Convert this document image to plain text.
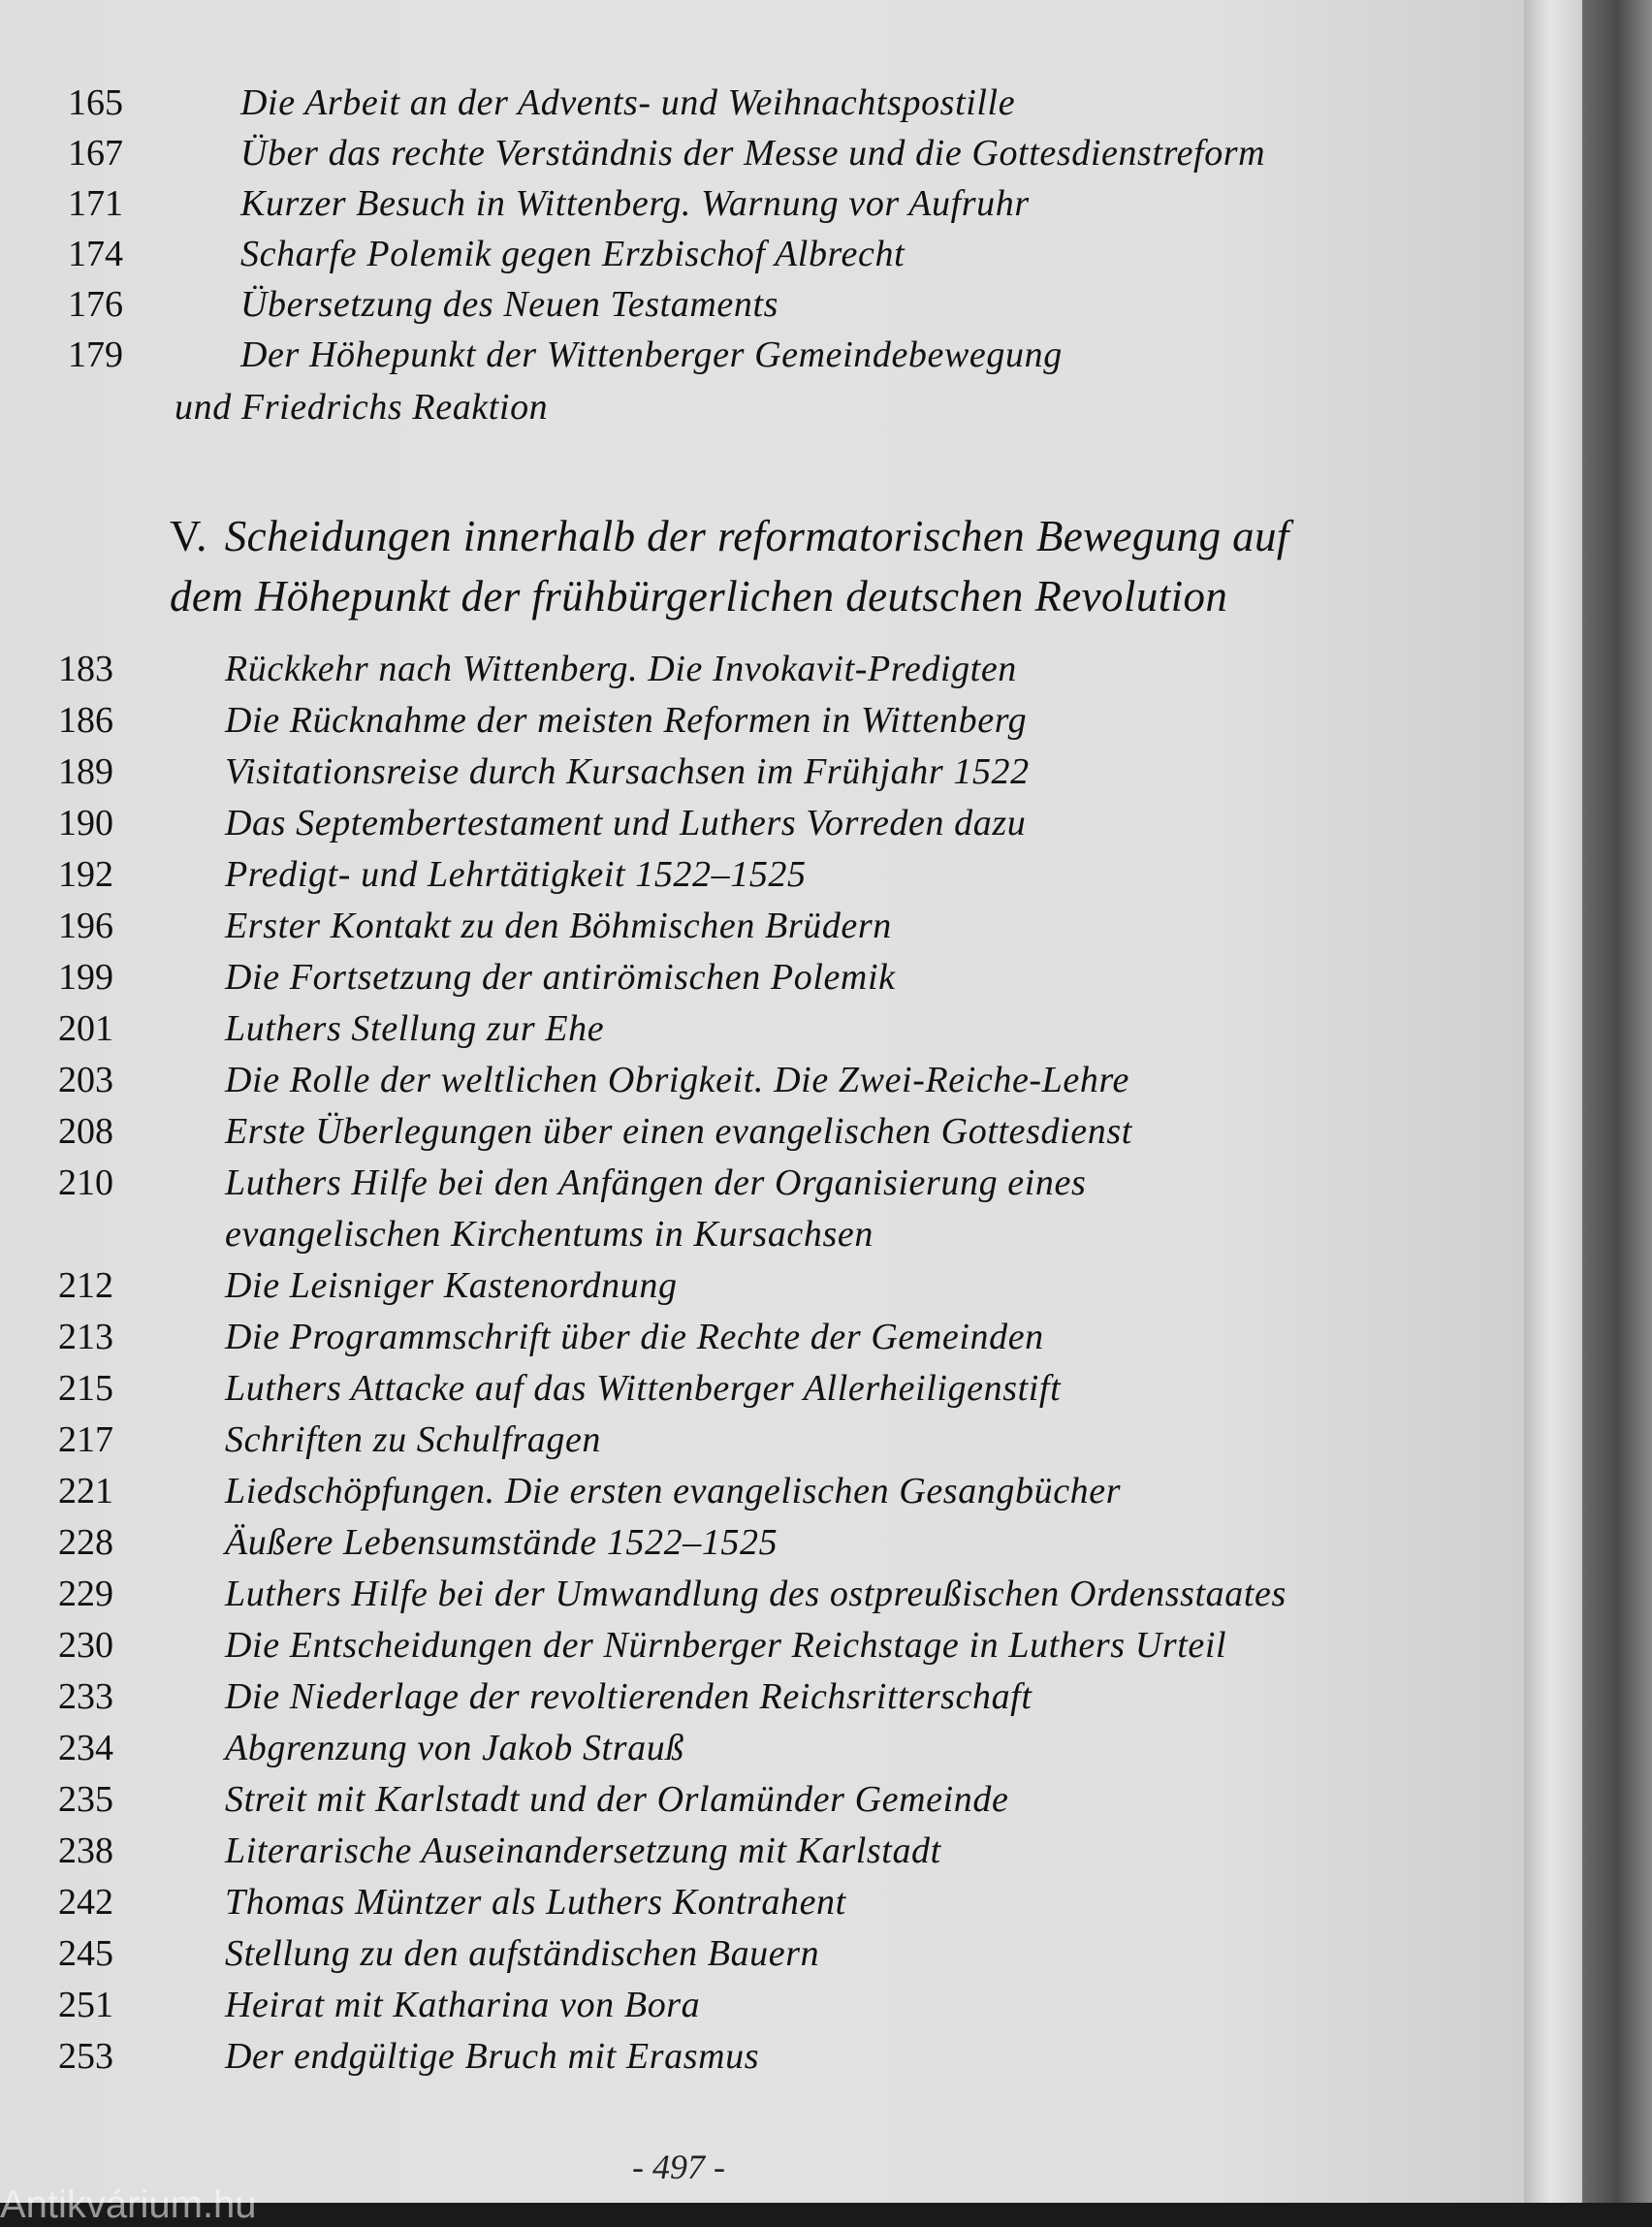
165	Die Arbeit an der Advents- und Weihnachtspostille
167	Über das rechte Verständnis der Messe und die Gottesdienstreform
171	Kurzer Besuch in Wittenberg. Warnung vor Aufruhr
174	Scharfe Polemik gegen Erzbischof Albrecht
176	Übersetzung des Neuen Testaments
179	Der Höhepunkt der Wittenberger Gemeindebewegung
und Friedrichs Reaktion
V. Scheidungen innerhalb der reformatorischen Bewegung auf
dem Höhepunkt der frühbürgerlichen deutschen Revolution
183	Rückkehr nach Wittenberg. Die Invokavit-Predigten
186	Die Rücknahme der meisten Reformen in Wittenberg
189	Visitationsreise durch Kursachsen im Frühjahr 1522
190	Das Septembertestament und Luthers Vorreden dazu
192	Predigt- und Lehrtätigkeit 1522–1525
196	Erster Kontakt zu den Böhmischen Brüdern
199	Die Fortsetzung der antirömischen Polemik
201	Luthers Stellung zur Ehe
203	Die Rolle der weltlichen Obrigkeit. Die Zwei-Reiche-Lehre
208	Erste Überlegungen über einen evangelischen Gottesdienst
210	Luthers Hilfe bei den Anfängen der Organisierung eines
evangelischen Kirchentums in Kursachsen
212	Die Leisniger Kastenordnung
213	Die Programmschrift über die Rechte der Gemeinden
215	Luthers Attacke auf das Wittenberger Allerheiligenstift
217	Schriften zu Schulfragen
221	Liedschöpfungen. Die ersten evangelischen Gesangbücher
228	Äußere Lebensumstände 1522–1525
229	Luthers Hilfe bei der Umwandlung des ostpreußischen Ordensstaates
230	Die Entscheidungen der Nürnberger Reichstage in Luthers Urteil
233	Die Niederlage der revoltierenden Reichsritterschaft
234	Abgrenzung von Jakob Strauß
235	Streit mit Karlstadt und der Orlamünder Gemeinde
238	Literarische Auseinandersetzung mit Karlstadt
242	Thomas Müntzer als Luthers Kontrahent
245	Stellung zu den aufständischen Bauern
251	Heirat mit Katharina von Bora
253	Der endgültige Bruch mit Erasmus
- 497 -
Antikvárium.hu
